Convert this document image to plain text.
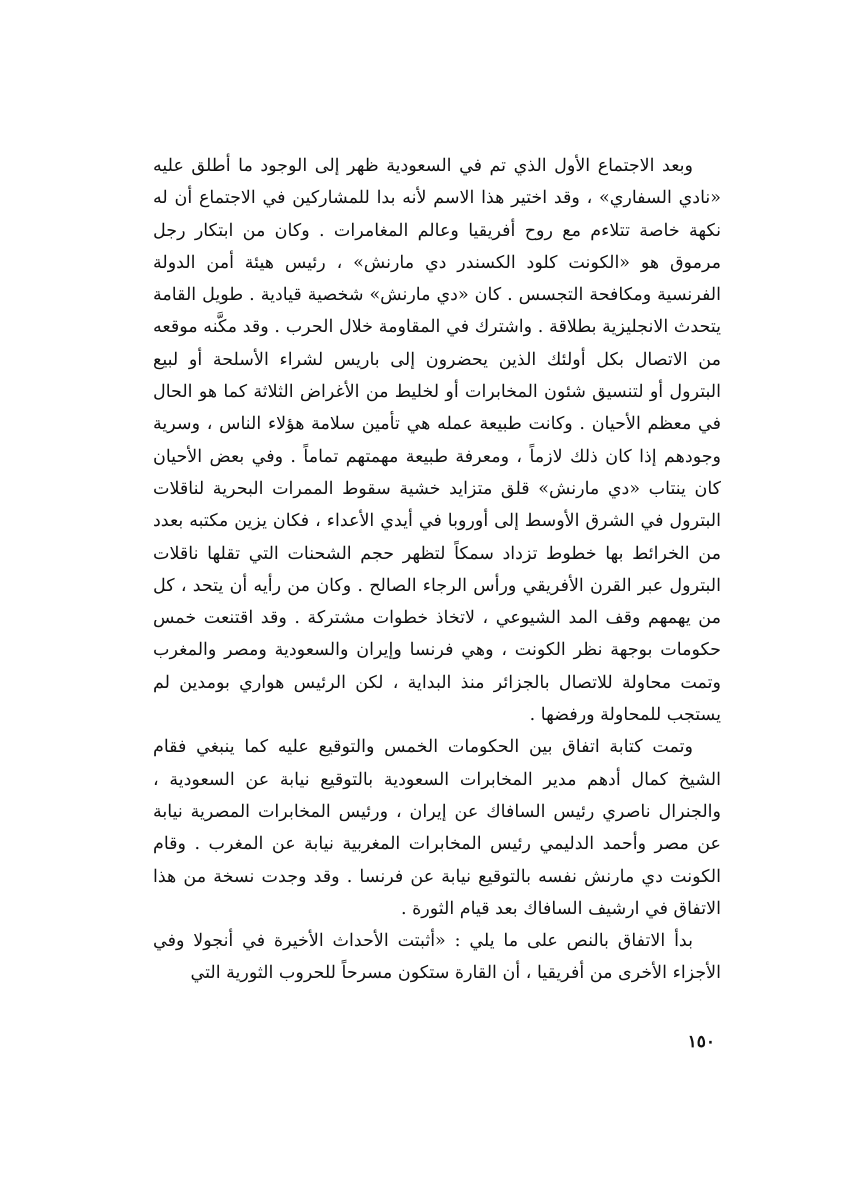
وبعد الاجتماع الأول الذي تم في السعودية ظهر إلى الوجود ما أطلق عليه «نادي السفاري» ، وقد اختير هذا الاسم لأنه بدا للمشاركين في الاجتماع أن له نكهة خاصة تتلاءم مع روح أفريقيا وعالم المغامرات . وكان من ابتكار رجل مرموق هو «الكونت كلود الكسندر دي مارنش» ، رئيس هيئة أمن الدولة الفرنسية ومكافحة التجسس . كان «دي مارنش» شخصية قيادية . طويل القامة يتحدث الانجليزية بطلاقة . واشترك في المقاومة خلال الحرب . وقد مكَّنه موقعه من الاتصال بكل أولئك الذين يحضرون إلى باريس لشراء الأسلحة أو لبيع البترول أو لتنسيق شئون المخابرات أو لخليط من الأغراض الثلاثة كما هو الحال في معظم الأحيان . وكانت طبيعة عمله هي تأمين سلامة هؤلاء الناس ، وسرية وجودهم إذا كان ذلك لازماً ، ومعرفة طبيعة مهمتهم تماماً . وفي بعض الأحيان كان ينتاب «دي مارنش» قلق متزايد خشية سقوط الممرات البحرية لناقلات البترول في الشرق الأوسط إلى أوروبا في أيدي الأعداء ، فكان يزين مكتبه بعدد من الخرائط بها خطوط تزداد سمكاً لتظهر حجم الشحنات التي تقلها ناقلات البترول عبر القرن الأفريقي ورأس الرجاء الصالح . وكان من رأيه أن يتحد ، كل من يهمهم وقف المد الشيوعي ، لاتخاذ خطوات مشتركة . وقد اقتنعت خمس حكومات بوجهة نظر الكونت ، وهي فرنسا وإيران والسعودية ومصر والمغرب وتمت محاولة للاتصال بالجزائر منذ البداية ، لكن الرئيس هواري بومدين لم يستجب للمحاولة ورفضها .

وتمت كتابة اتفاق بين الحكومات الخمس والتوقيع عليه كما ينبغي فقام الشيخ كمال أدهم مدير المخابرات السعودية بالتوقيع نيابة عن السعودية ، والجنرال ناصري رئيس السافاك عن إيران ، ورئيس المخابرات المصرية نيابة عن مصر وأحمد الدليمي رئيس المخابرات المغربية نيابة عن المغرب . وقام الكونت دي مارنش نفسه بالتوقيع نيابة عن فرنسا . وقد وجدت نسخة من هذا الاتفاق في ارشيف السافاك بعد قيام الثورة .

بدأ الاتفاق بالنص على ما يلي : «أثبتت الأحداث الأخيرة في أنجولا وفي الأجزاء الأخرى من أفريقيا ، أن القارة ستكون مسرحاً للحروب الثورية التي

١٥٠
